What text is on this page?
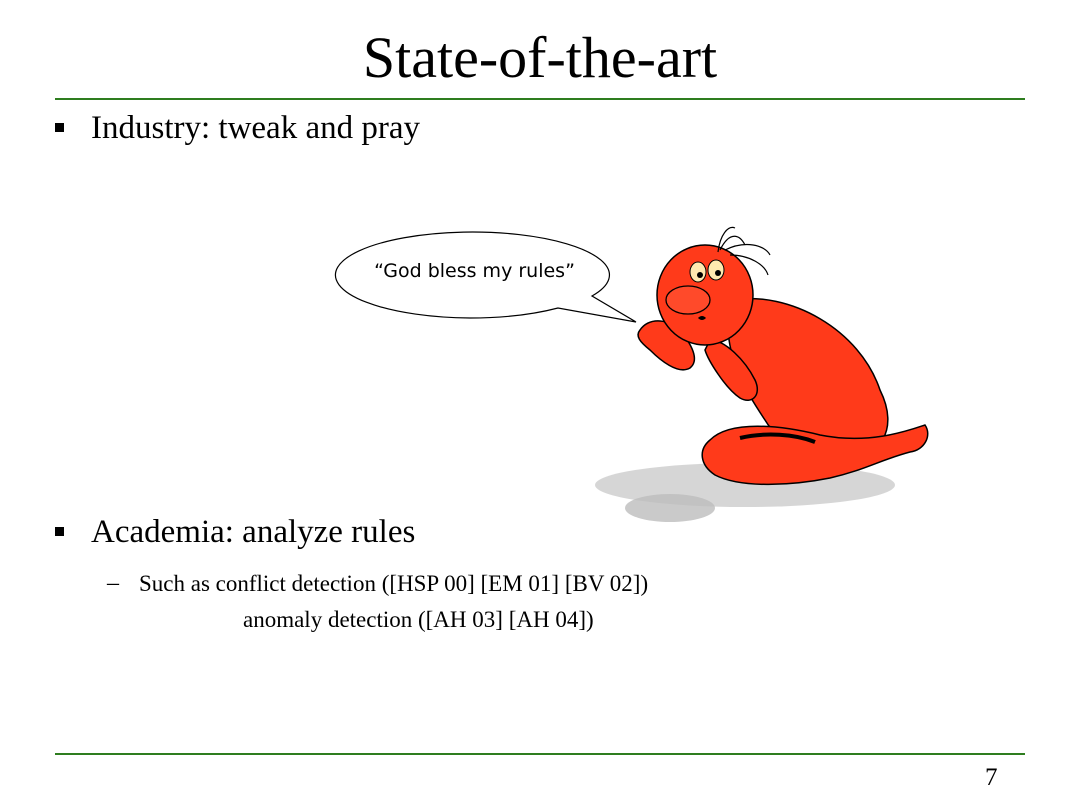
State-of-the-art
Industry: tweak and pray
“God bless my rules”
Academia: analyze rules
– Such as conflict detection ([HSP 00] [EM 01] [BV 02])
anomaly detection ([AH 03] [AH 04])
7
